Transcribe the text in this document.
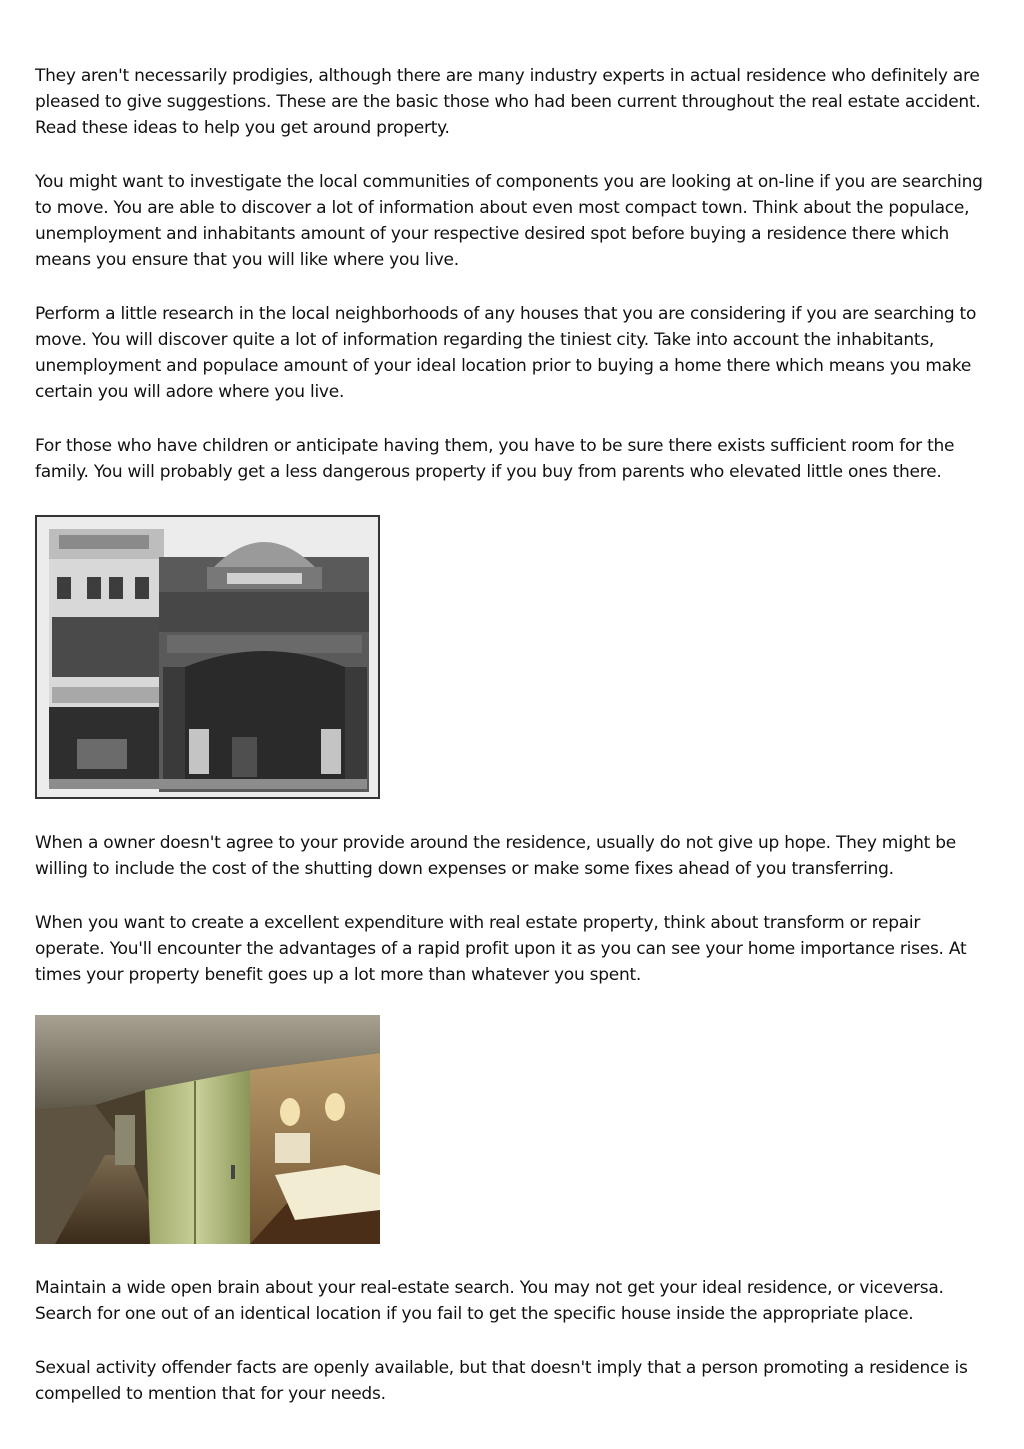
They aren't necessarily prodigies, although there are many industry experts in actual residence who definitely are pleased to give suggestions. These are the basic those who had been current throughout the real estate accident. Read these ideas to help you get around property.

You might want to investigate the local communities of components you are looking at on-line if you are searching to move. You are able to discover a lot of information about even most compact town. Think about the populace, unemployment and inhabitants amount of your respective desired spot before buying a residence there which means you ensure that you will like where you live.

Perform a little research in the local neighborhoods of any houses that you are considering if you are searching to move. You will discover quite a lot of information regarding the tiniest city. Take into account the inhabitants, unemployment and populace amount of your ideal location prior to buying a home there which means you make certain you will adore where you live.

For those who have children or anticipate having them, you have to be sure there exists sufficient room for the family. You will probably get a less dangerous property if you buy from parents who elevated little ones there.

When a owner doesn't agree to your provide around the residence, usually do not give up hope. They might be willing to include the cost of the shutting down expenses or make some fixes ahead of you transferring.

When you want to create a excellent expenditure with real estate property, think about transform or repair operate. You'll encounter the advantages of a rapid profit upon it as you can see your home importance rises. At times your property benefit goes up a lot more than whatever you spent.

Maintain a wide open brain about your real-estate search. You may not get your ideal residence, or viceversa. Search for one out of an identical location if you fail to get the specific house inside the appropriate place.

Sexual activity offender facts are openly available, but that doesn't imply that a person promoting a residence is compelled to mention that for your needs.
